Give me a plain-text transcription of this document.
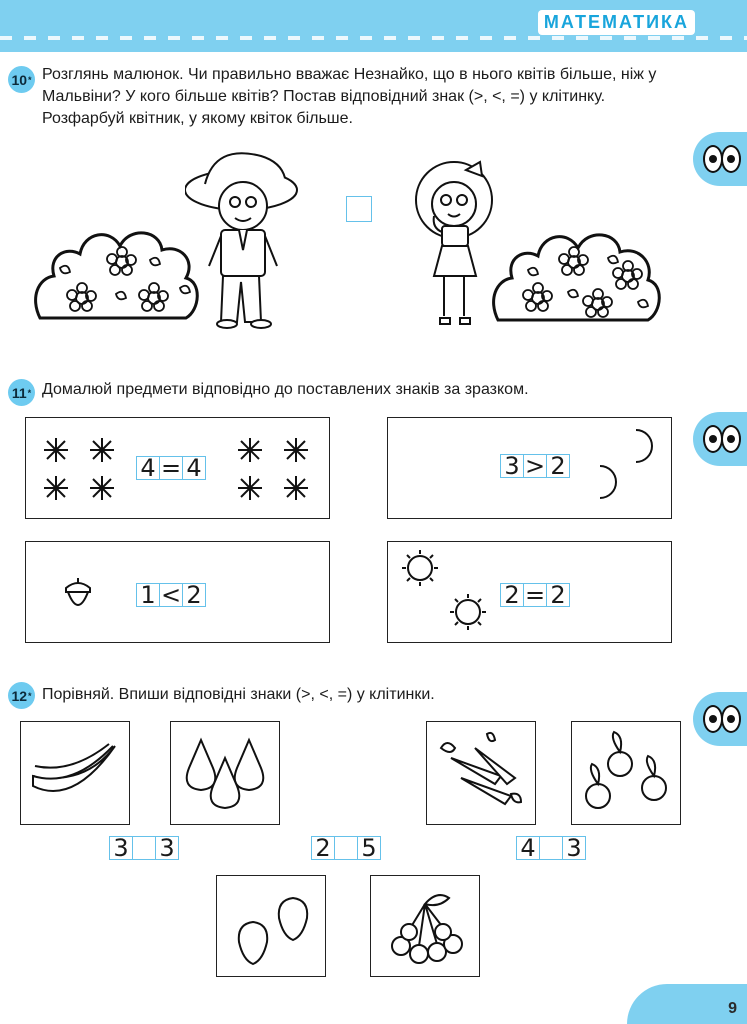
МАТЕМАТИКА
10 * Розглянь малюнок. Чи правильно вважає Незнайко, що в нього квітів більше, ніж у Мальвіни? У кого більше квітів? Постав відповідний знак (>, <, =) у клітинку. Розфарбуй квітник, у якому квіток більше.
11 * Домалюй предмети відповідно до поставлених знаків за зразком.
4 = 4	3 > 2
1 < 2	2 = 2
12 * Порівняй. Впиши відповідні знаки (>, <, =) у клітинки.
3 3	2 5	4 3
9
